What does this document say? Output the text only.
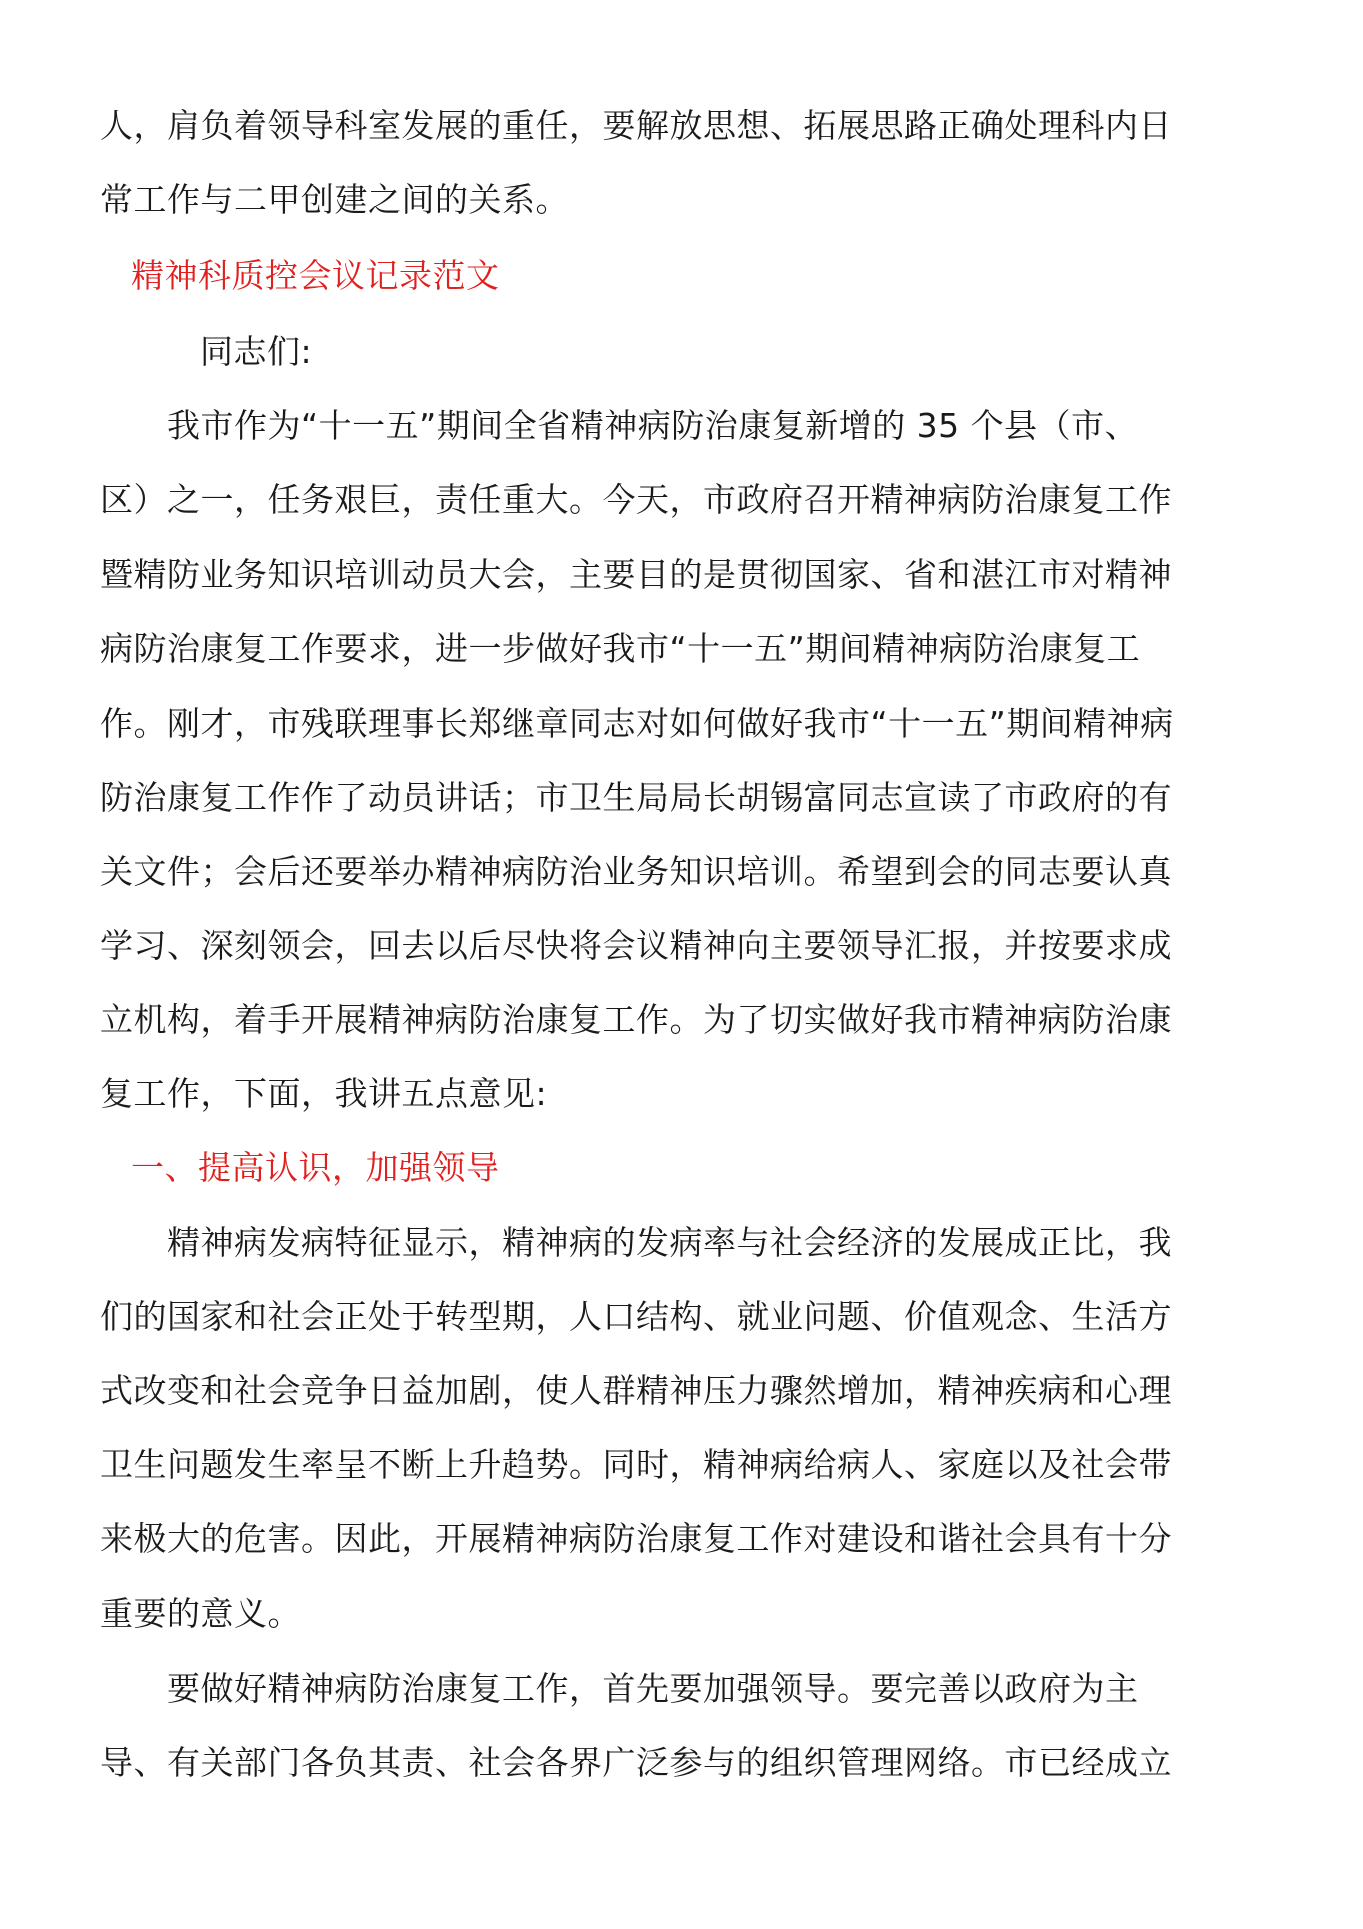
人，肩负着领导科室发展的重任，要解放思想、拓展思路正确处理科内日
常工作与二甲创建之间的关系。
精神科质控会议记录范文
同志们:
我市作为“十一五”期间全省精神病防治康复新增的 35 个县（市、
区）之一，任务艰巨，责任重大。今天，市政府召开精神病防治康复工作
暨精防业务知识培训动员大会，主要目的是贯彻国家、省和湛江市对精神
病防治康复工作要求，进一步做好我市“十一五”期间精神病防治康复工
作。刚才，市残联理事长郑继章同志对如何做好我市“十一五”期间精神病
防治康复工作作了动员讲话；市卫生局局长胡锡富同志宣读了市政府的有
关文件；会后还要举办精神病防治业务知识培训。希望到会的同志要认真
学习、深刻领会，回去以后尽快将会议精神向主要领导汇报，并按要求成
立机构，着手开展精神病防治康复工作。为了切实做好我市精神病防治康
复工作，下面，我讲五点意见:
一、提高认识，加强领导
精神病发病特征显示，精神病的发病率与社会经济的发展成正比，我
们的国家和社会正处于转型期，人口结构、就业问题、价值观念、生活方
式改变和社会竞争日益加剧，使人群精神压力骤然增加，精神疾病和心理
卫生问题发生率呈不断上升趋势。同时，精神病给病人、家庭以及社会带
来极大的危害。因此，开展精神病防治康复工作对建设和谐社会具有十分
重要的意义。
要做好精神病防治康复工作，首先要加强领导。要完善以政府为主
导、有关部门各负其责、社会各界广泛参与的组织管理网络。市已经成立
